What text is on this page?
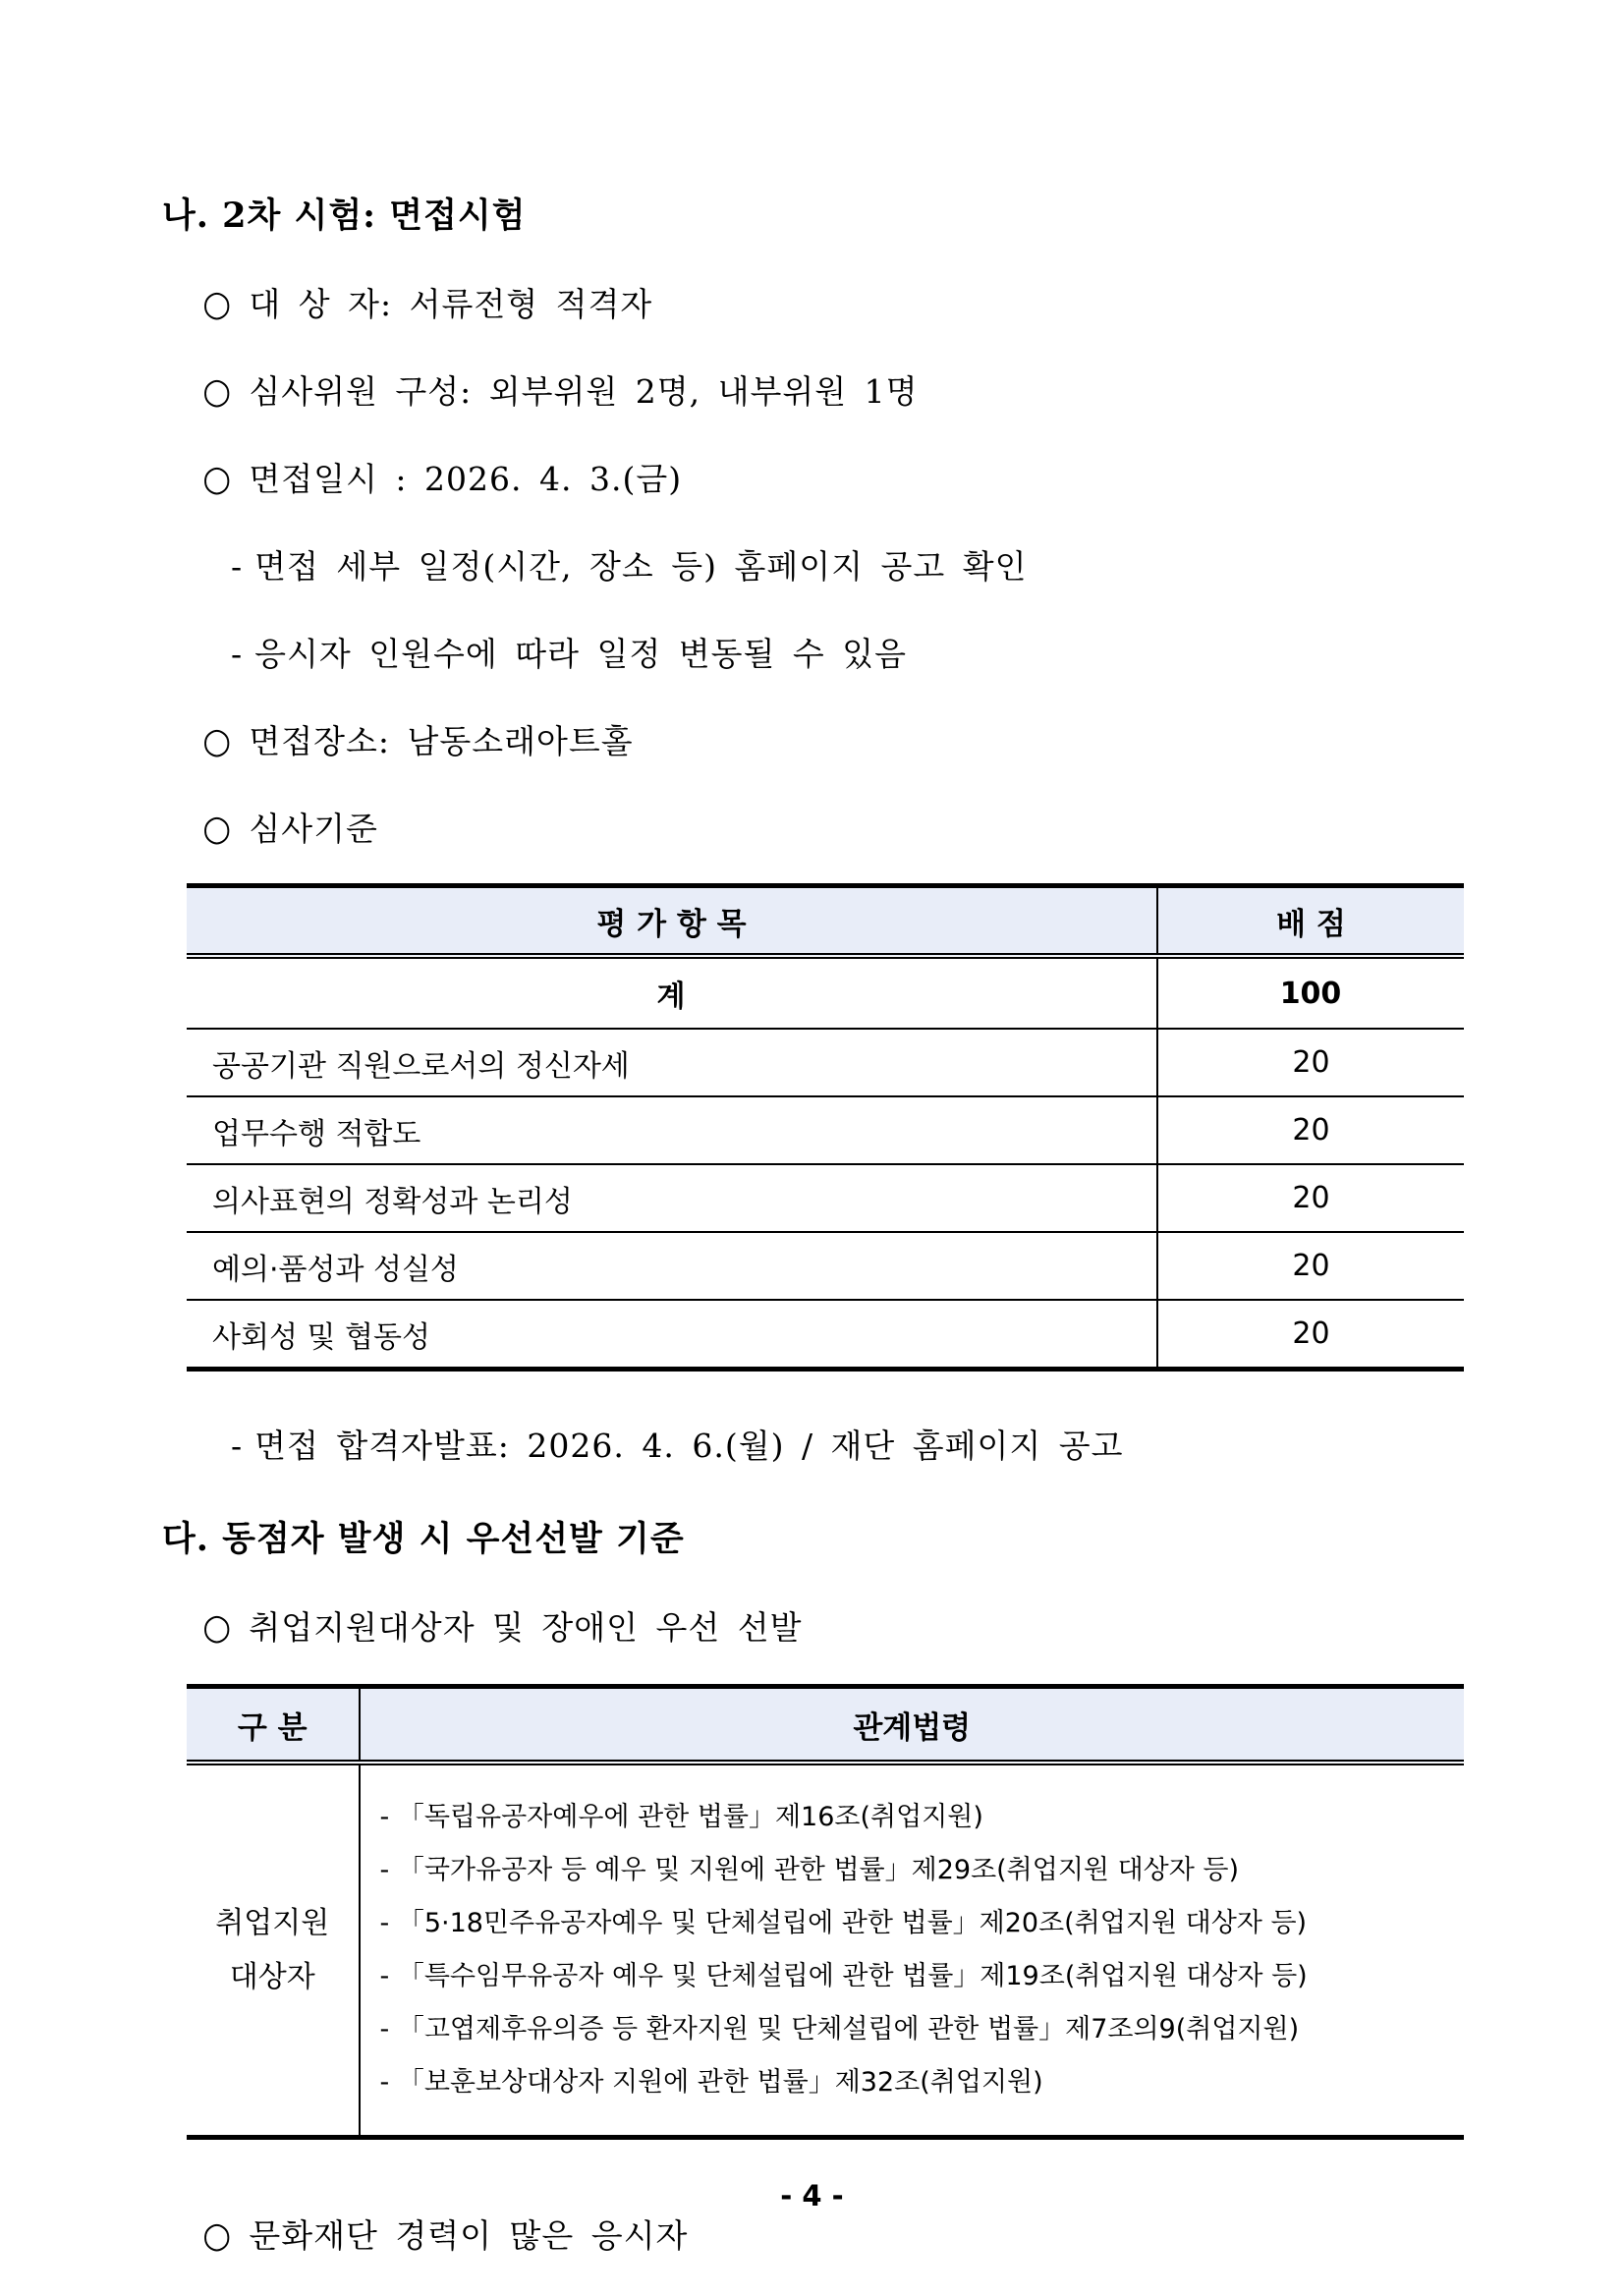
나. 2차 시험: 면접시험

○ 대 상 자: 서류전형 적격자
○ 심사위원 구성: 외부위원 2명, 내부위원 1명
○ 면접일시 : 2026. 4. 3.(금)
- 면접 세부 일정(시간, 장소 등) 홈페이지 공고 확인
- 응시자 인원수에 따라 일정 변동될 수 있음
○ 면접장소: 남동소래아트홀
○ 심사기준
평 가 항 목	배 점
계	100
공공기관 직원으로서의 정신자세	20
업무수행 적합도	20
의사표현의 정확성과 논리성	20
예의·품성과 성실성	20
사회성 및 협동성	20
- 면접 합격자발표: 2026. 4. 6.(월) / 재단 홈페이지 공고

다. 동점자 발생 시 우선선발 기준

○ 취업지원대상자 및 장애인 우선 선발
구 분	관계법령

취업지원
대상자

- 「독립유공자예우에 관한 법률」제16조(취업지원)
- 「국가유공자 등 예우 및 지원에 관한 법률」제29조(취업지원 대상자 등)
- 「5·18민주유공자예우 및 단체설립에 관한 법률」제20조(취업지원 대상자 등)
- 「특수임무유공자 예우 및 단체설립에 관한 법률」제19조(취업지원 대상자 등)
- 「고엽제후유의증 등 환자지원 및 단체설립에 관한 법률」제7조의9(취업지원)
- 「보훈보상대상자 지원에 관한 법률」제32조(취업지원)
○ 문화재단 경력이 많은 응시자
- 4 -
